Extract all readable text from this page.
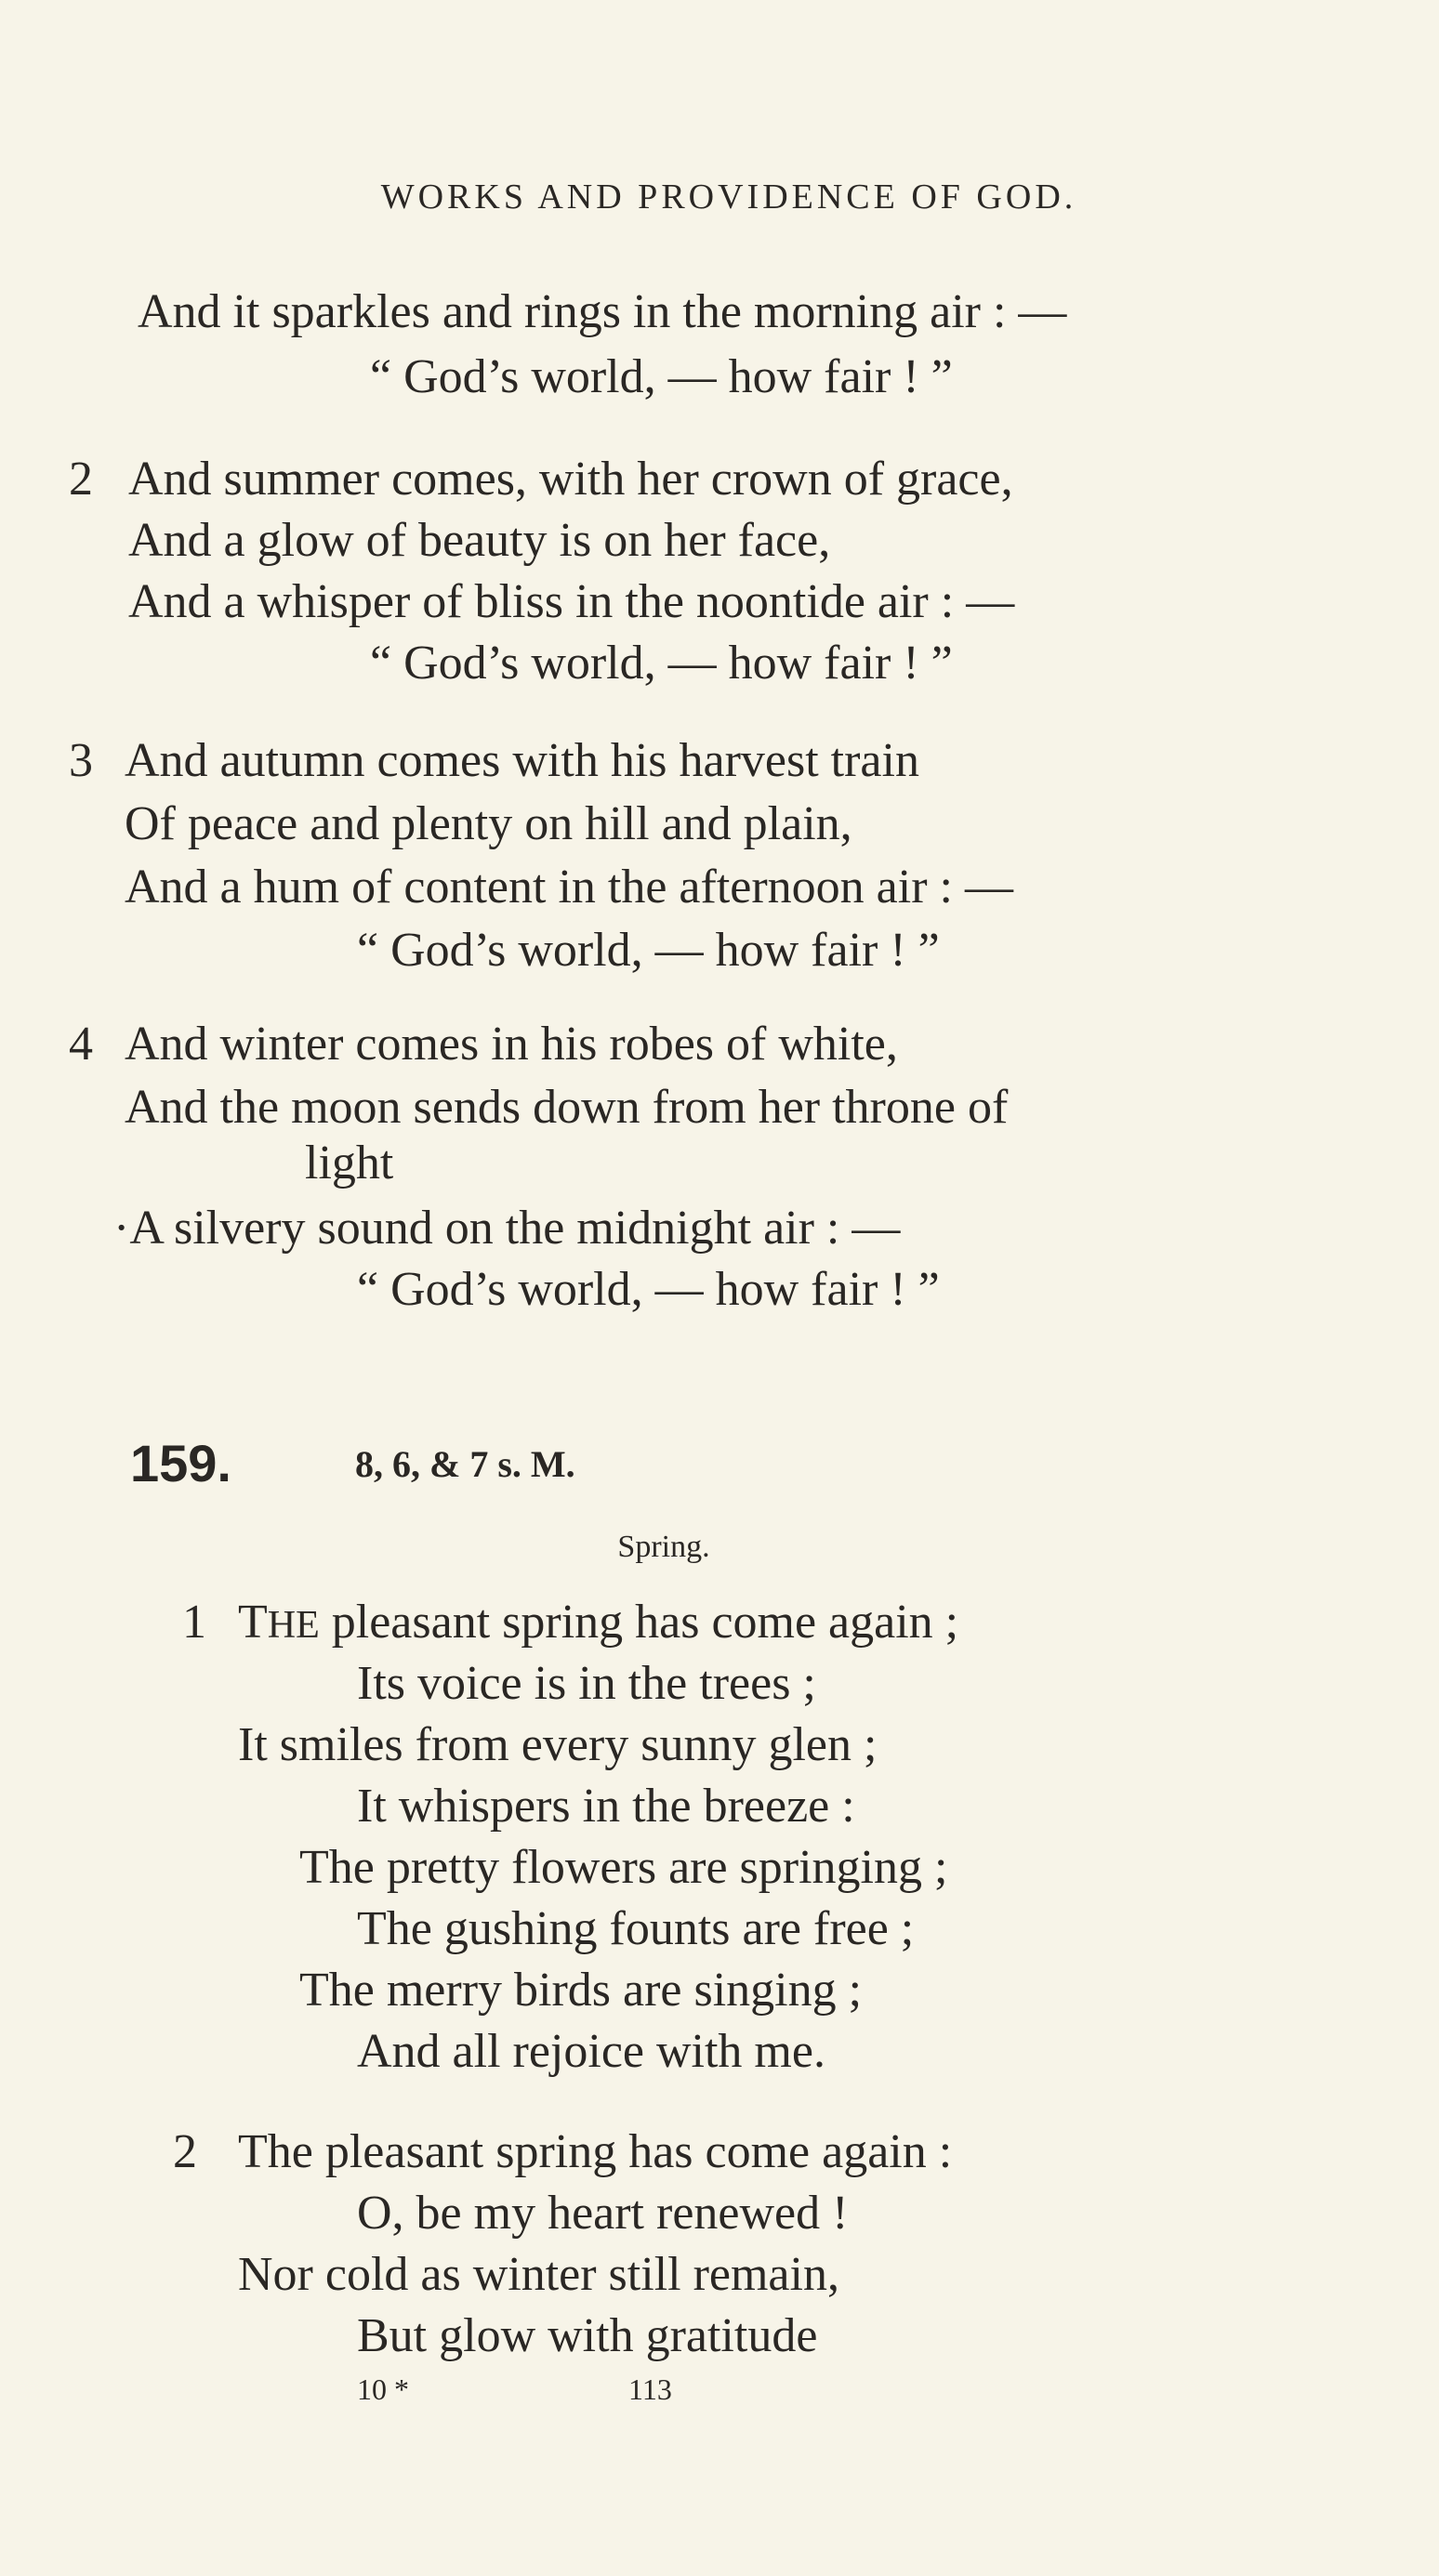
WORKS AND PROVIDENCE OF GOD.
And it sparkles and rings in the morning air : —
“ God’s world, — how fair ! ”
2 And summer comes, with her crown of grace,
And a glow of beauty is on her face,
And a whisper of bliss in the noontide air : —
“ God’s world, — how fair ! ”
3 And autumn comes with his harvest train
Of peace and plenty on hill and plain,
And a hum of content in the afternoon air : —
“ God’s world, — how fair ! ”
4 And winter comes in his robes of white,
And the moon sends down from her throne of
light
·A silvery sound on the midnight air : —
“ God’s world, — how fair ! ”
159.	8, 6, & 7 s. M.
Spring.
1 THE pleasant spring has come again ;
Its voice is in the trees ;
It smiles from every sunny glen ;
It whispers in the breeze :
The pretty flowers are springing ;
The gushing founts are free ;
The merry birds are singing ;
And all rejoice with me.
2 The pleasant spring has come again :
O, be my heart renewed !
Nor cold as winter still remain,
But glow with gratitude
10 *	113
